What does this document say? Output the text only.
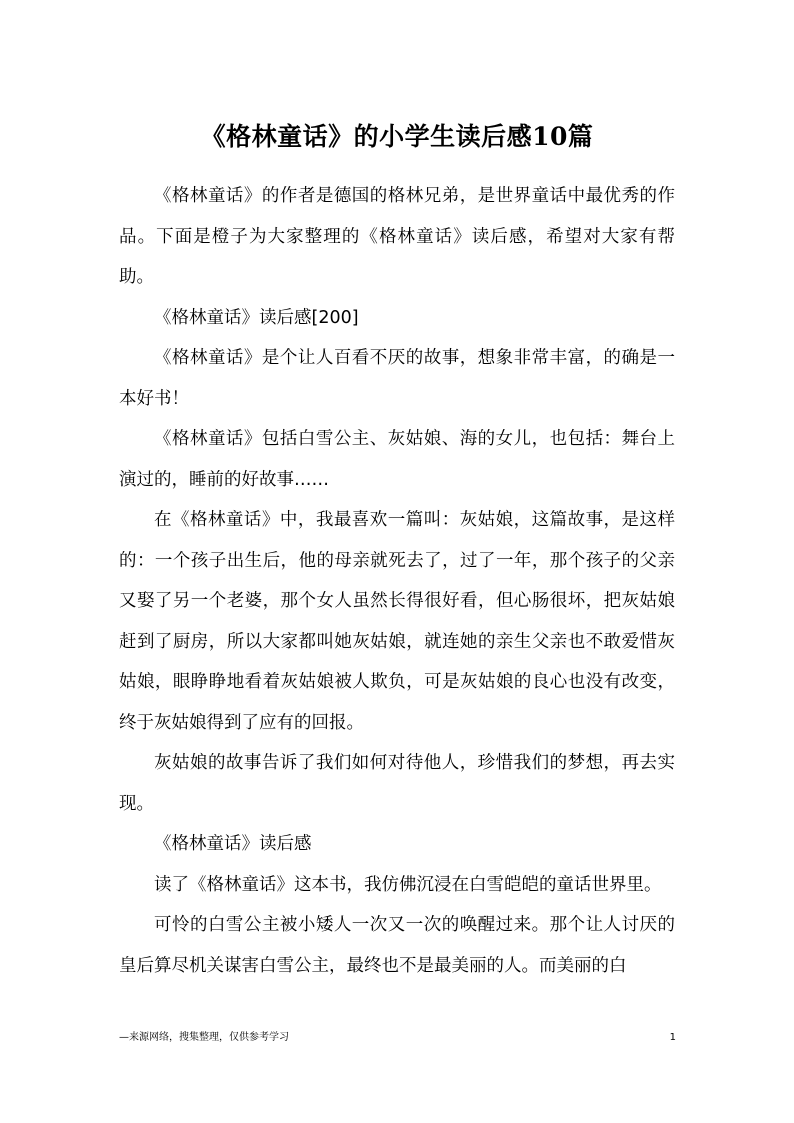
《格林童话》的小学生读后感10篇

《格林童话》的作者是德国的格林兄弟，是世界童话中最优秀的作品。下面是橙子为大家整理的《格林童话》读后感，希望对大家有帮助。

《格林童话》读后感[200]

《格林童话》是个让人百看不厌的故事，想象非常丰富，的确是一本好书！

《格林童话》包括白雪公主、灰姑娘、海的女儿，也包括：舞台上演过的，睡前的好故事……

在《格林童话》中，我最喜欢一篇叫：灰姑娘，这篇故事，是这样的：一个孩子出生后，他的母亲就死去了，过了一年，那个孩子的父亲又娶了另一个老婆，那个女人虽然长得很好看，但心肠很坏，把灰姑娘赶到了厨房，所以大家都叫她灰姑娘，就连她的亲生父亲也不敢爱惜灰姑娘，眼睁睁地看着灰姑娘被人欺负，可是灰姑娘的良心也没有改变，终于灰姑娘得到了应有的回报。

灰姑娘的故事告诉了我们如何对待他人，珍惜我们的梦想，再去实现。

《格林童话》读后感

读了《格林童话》这本书，我仿佛沉浸在白雪皑皑的童话世界里。

可怜的白雪公主被小矮人一次又一次的唤醒过来。那个让人讨厌的皇后算尽机关谋害白雪公主，最终也不是最美丽的人。而美丽的白

—来源网络，搜集整理，仅供参考学习	1
